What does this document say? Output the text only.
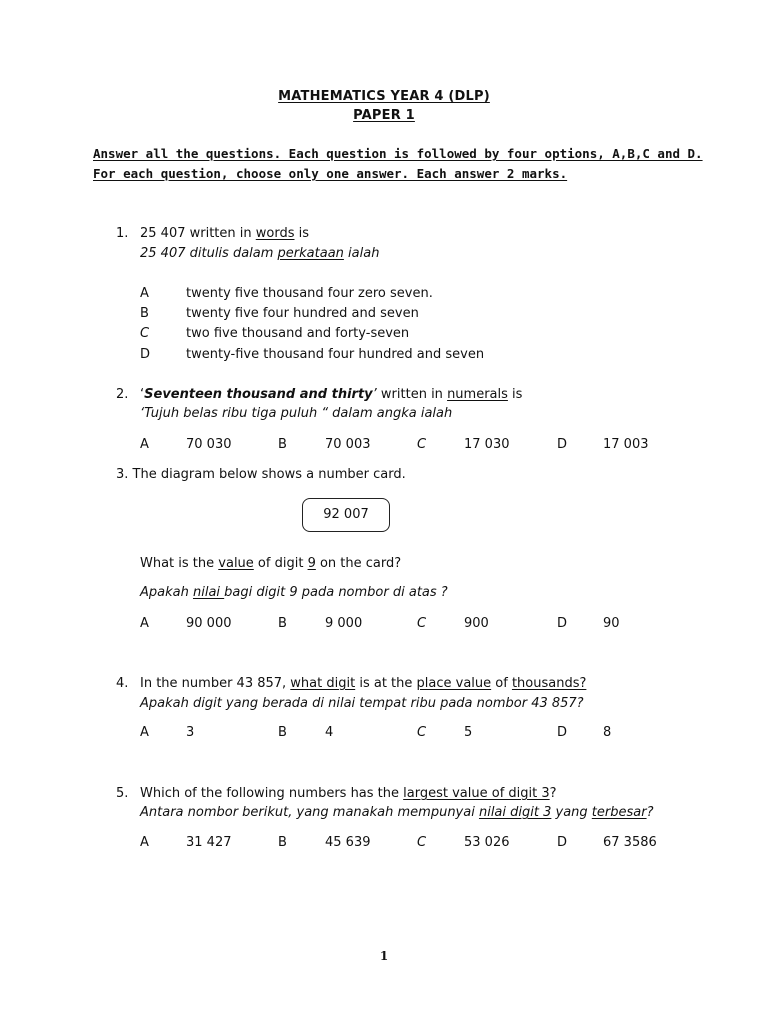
MATHEMATICS YEAR 4 (DLP)
PAPER 1
Answer all the questions. Each question is followed by four options, A,B,C and D.
For each question, choose only one answer. Each answer 2 marks.
1. 25 407 written in words is
25 407 ditulis dalam perkataan ialah
A	twenty five thousand four zero seven.
B	twenty five four hundred and seven
C	two five thousand and forty-seven
D	twenty-five thousand four hundred and seven
2. ‘Seventeen thousand and thirty’ written in numerals is
‘Tujuh belas ribu tiga puluh “ dalam angka ialah
A	70 030	B	70 003	C	17 030	D	17 003
3. The diagram below shows a number card.
92 007
What is the value of digit 9 on the card?
Apakah nilai bagi digit 9 pada nombor di atas ?
A	90 000	B	9 000	C	900	D	90
4. In the number 43 857, what digit is at the place value of thousands?
Apakah digit yang berada di nilai tempat ribu pada nombor 43 857?
A	3	B	4	C	5	D	8
5. Which of the following numbers has the largest value of digit 3?
Antara nombor berikut, yang manakah mempunyai nilai digit 3 yang terbesar?
A	31 427	B	45 639	C	53 026	D	67 3586
1
